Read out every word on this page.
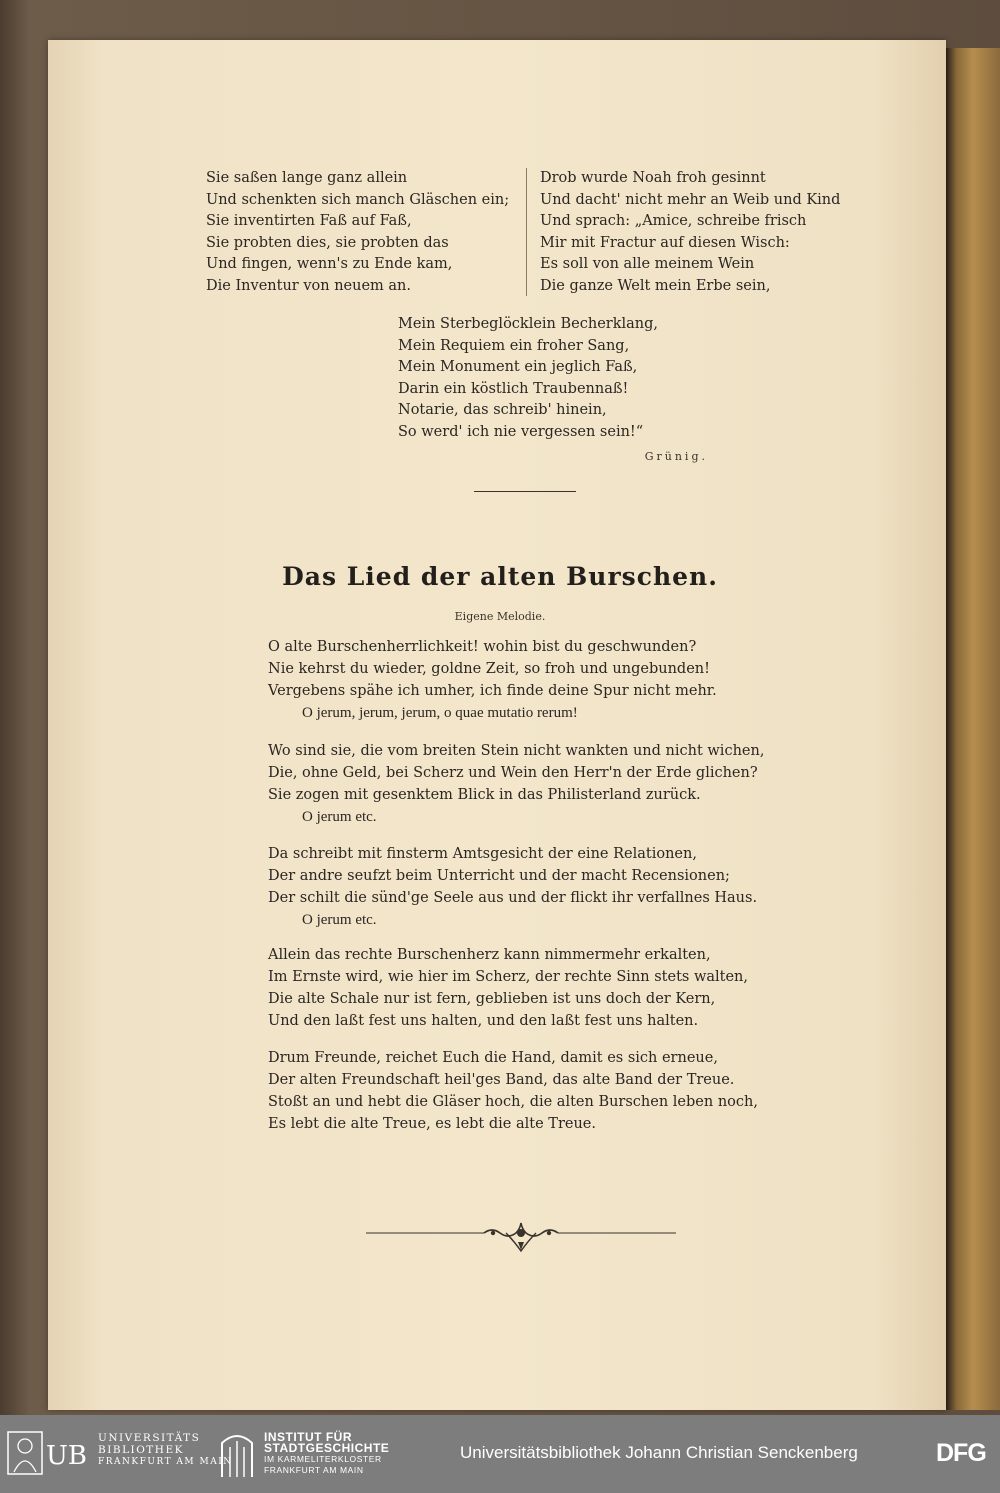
Sie saßen lange ganz allein
Und schenkten sich manch Gläschen ein;
Sie inventirten Faß auf Faß,
Sie probten dies, sie probten das
Und fingen, wenn's zu Ende kam,
Die Inventur von neuem an.
Drob wurde Noah froh gesinnt
Und dacht' nicht mehr an Weib und Kind
Und sprach: „Amice, schreibe frisch
Mir mit Fractur auf diesen Wisch:
Es soll von alle meinem Wein
Die ganze Welt mein Erbe sein,
Mein Sterbeglöcklein Becherklang,
Mein Requiem ein froher Sang,
Mein Monument ein jeglich Faß,
Darin ein köstlich Traubennaß!
Notarie, das schreib' hinein,
So werd' ich nie vergessen sein!“
Grünig.
Das Lied der alten Burschen.
Eigene Melodie.
O alte Burschenherrlichkeit! wohin bist du geschwunden?
Nie kehrst du wieder, goldne Zeit, so froh und ungebunden!
Vergebens spähe ich umher, ich finde deine Spur nicht mehr.
O jerum, jerum, jerum, o quae mutatio rerum!
Wo sind sie, die vom breiten Stein nicht wankten und nicht wichen,
Die, ohne Geld, bei Scherz und Wein den Herr'n der Erde glichen?
Sie zogen mit gesenktem Blick in das Philisterland zurück.
O jerum etc.
Da schreibt mit finsterm Amtsgesicht der eine Relationen,
Der andre seufzt beim Unterricht und der macht Recensionen;
Der schilt die sünd'ge Seele aus und der flickt ihr verfallnes Haus.
O jerum etc.
Allein das rechte Burschenherz kann nimmermehr erkalten,
Im Ernste wird, wie hier im Scherz, der rechte Sinn stets walten,
Die alte Schale nur ist fern, geblieben ist uns doch der Kern,
Und den laßt fest uns halten, und den laßt fest uns halten.
Drum Freunde, reichet Euch die Hand, damit es sich erneue,
Der alten Freundschaft heil'ges Band, das alte Band der Treue.
Stoßt an und hebt die Gläser hoch, die alten Burschen leben noch,
Es lebt die alte Treue, es lebt die alte Treue.
UB
UNIVERSITÄTS
BIBLIOTHEK
FRANKFURT AM MAIN
INSTITUT FÜR
STADTGESCHICHTE
IM KARMELITERKLOSTER
FRANKFURT AM MAIN
Universitätsbibliothek Johann Christian Senckenberg	DFG
